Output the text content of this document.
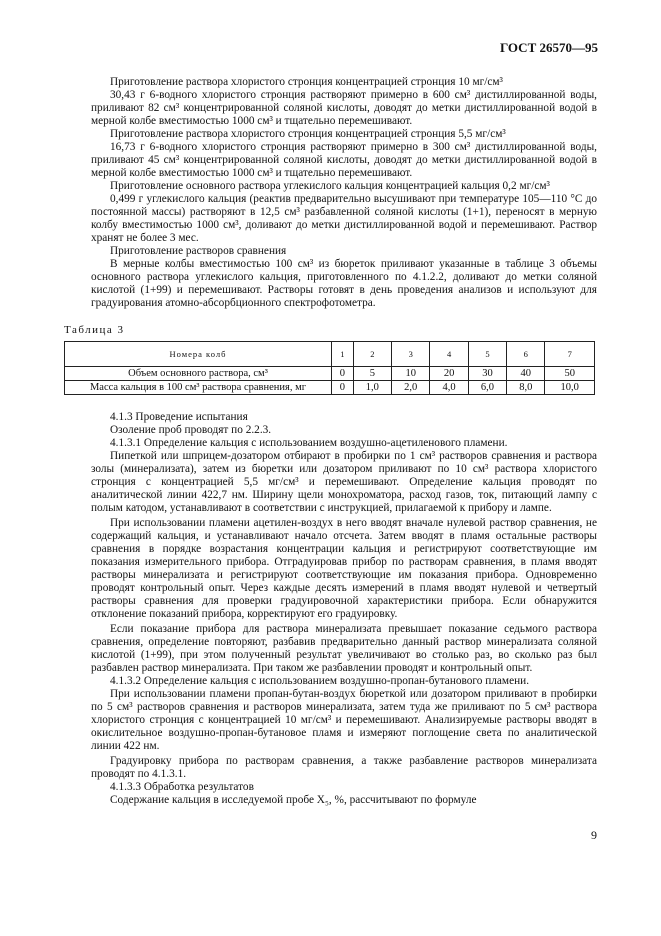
ГОСТ 26570—95

Приготовление раствора хлористого стронция концентрацией стронция 10 мг/см³

30,43 г 6-водного хлористого стронция растворяют примерно в 600 см³ дистиллированной воды, приливают 82 см³ концентрированной соляной кислоты, доводят до метки дистиллированной водой в мерной колбе вместимостью 1000 см³ и тщательно перемешивают.

Приготовление раствора хлористого стронция концентрацией стронция 5,5 мг/см³

16,73 г 6-водного хлористого стронция растворяют примерно в 300 см³ дистиллированной воды, приливают 45 см³ концентрированной соляной кислоты, доводят до метки дистиллированной водой в мерной колбе вместимостью 1000 см³ и тщательно перемешивают.

Приготовление основного раствора углекислого кальция концентрацией кальция 0,2 мг/см³

0,499 г углекислого кальция (реактив предварительно высушивают при температуре 105—110 °С до постоянной массы) растворяют в 12,5 см³ разбавленной соляной кислоты (1+1), переносят в мерную колбу вместимостью 1000 см³, доливают до метки дистиллированной водой и перемешивают. Раствор хранят не более 3 мес.

Приготовление растворов сравнения

В мерные колбы вместимостью 100 см³ из бюреток приливают указанные в таблице 3 объемы основного раствора углекислого кальция, приготовленного по 4.1.2.2, доливают до метки соляной кислотой (1+99) и перемешивают. Растворы готовят в день проведения анализов и используют для градуирования атомно-абсорбционного спектрофотометра.

Таблица 3
Номера колб	1	2	3	4	5	6	7
Объем основного раствора, см³	0	5	10	20	30	40	50
Масса кальция в 100 см³ раствора сравнения, мг	0	1,0	2,0	4,0	6,0	8,0	10,0

4.1.3 Проведение испытания

Озоление проб проводят по 2.2.3.

4.1.3.1 Определение кальция с использованием воздушно-ацетиленового пламени.

Пипеткой или шприцем-дозатором отбирают в пробирки по 1 см³ растворов сравнения и раствора золы (минерализата), затем из бюретки или дозатором приливают по 10 см³ раствора хлористого стронция с концентрацией 5,5 мг/см³ и перемешивают. Определение кальция проводят по аналитической линии 422,7 нм. Ширину щели монохроматора, расход газов, ток, питающий лампу с полым катодом, устанавливают в соответствии с инструкцией, прилагаемой к прибору и лампе.

При использовании пламени ацетилен-воздух в него вводят вначале нулевой раствор сравнения, не содержащий кальция, и устанавливают начало отсчета. Затем вводят в пламя остальные растворы сравнения в порядке возрастания концентрации кальция и регистрируют соответствующие им показания измерительного прибора. Отградуировав прибор по растворам сравнения, в пламя вводят растворы минерализата и регистрируют соответствующие им показания прибора. Одновременно проводят контрольный опыт. Через каждые десять измерений в пламя вводят нулевой и четвертый растворы сравнения для проверки градуировочной характеристики прибора. Если обнаружится отклонение показаний прибора, корректируют его градуировку.

Если показание прибора для раствора минерализата превышает показание седьмого раствора сравнения, определение повторяют, разбавив предварительно данный раствор минерализата соляной кислотой (1+99), при этом полученный результат увеличивают во столько раз, во сколько раз был разбавлен раствор минерализата. При таком же разбавлении проводят и контрольный опыт.

4.1.3.2 Определение кальция с использованием воздушно-пропан-бутанового пламени.

При использовании пламени пропан-бутан-воздух бюреткой или дозатором приливают в пробирки по 5 см³ растворов сравнения и растворов минерализата, затем туда же приливают по 5 см³ раствора хлористого стронция с концентрацией 10 мг/см³ и перемешивают. Анализируемые растворы вводят в окислительное воздушно-пропан-бутановое пламя и измеряют поглощение света по аналитической линии 422 нм.

Градуировку прибора по растворам сравнения, а также разбавление растворов минерализата проводят по 4.1.3.1.

4.1.3.3 Обработка результатов

Содержание кальция в исследуемой пробе X₅, %, рассчитывают по формуле

9
